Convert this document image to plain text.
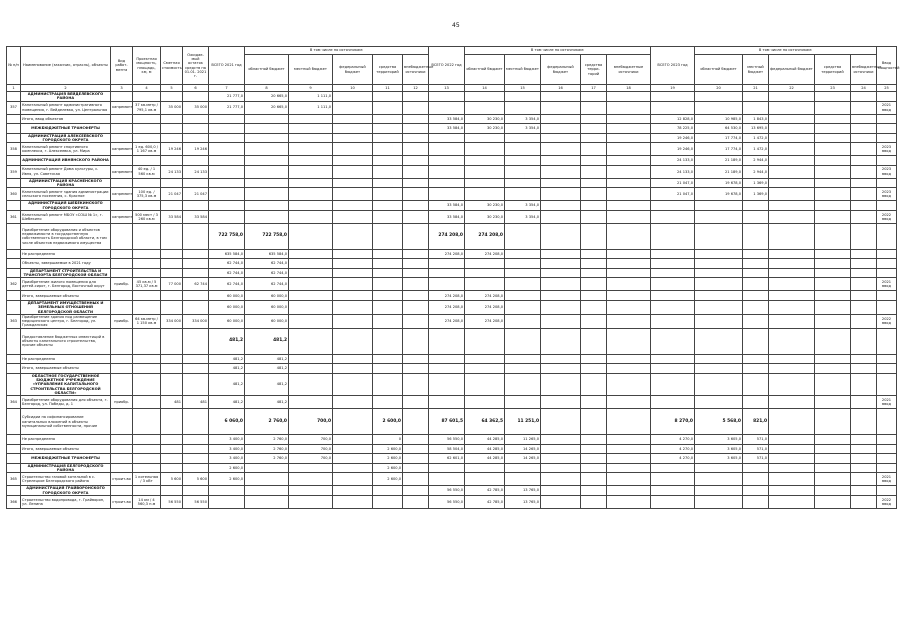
45
№ п/п	Наименование (заказчик, отрасль), объекты	Вид работ-мента	Проектная мощность, площадь, км, м	Сметная стоимость	Ожидае-мый остаток средств на 01.01. 2021 г.	ВСЕГО 2021 год	В том числе по источникам:					ВСЕГО 2022 год	В том числе по источникам:					ВСЕГО 2023 год	В том числе по источникам:					Ввод мощностей
							областной бюджет	местный бюджет	федеральный бюджет	средства территорий	внебюджетные источники		областной бюджет	местный бюджет	федеральный бюджет	средства терри-торий	внебюджетные источники		областной бюджет	местный бюджет	федеральный бюджет	средства территорий	внебюджетные источники	
1	2	3	4	5	6	7	8	9	10	11	12	13	14	15	16	17	18	19	20	21	22	23	24	25
	АДМИНИСТРАЦИЯ ВЕЙДЕЛЕВСКОГО РАЙОНА					21 777,0	20 665,0	1 111,0																
357	Капитальный ремонт административного помещения, г. Вейделевка, ул. Центральная	капремонт	37 кв.метр / 795,1 кв.м	35 000	35 000	21 777,0	20 665,0	1 111,0																2021 ввод
	Итого, ввод объектов											33 584,0	30 230,0	3 354,0				12 828,0	10 985,0	1 843,0				
	МЕЖБЮДЖЕТНЫЕ ТРАНСФЕРТЫ											33 584,0	30 230,0	3 354,0				78 225,0	64 530,0	13 695,0				
	АДМИНИСТРАЦИЯ АЛЕКСЕЕВСКОГО ГОРОДСКОГО ОКРУГА																	19 246,0	17 774,0	1 472,0				
358	Капитальный ремонт спортивного комплекса, г. Алексеевка, ул. Мира	капремонт	1 ед. 600,0 / 1 167 кв.м	19 246	19 246													19 246,0	17 774,0	1 472,0				2023 ввод
	АДМИНИСТРАЦИЯ ИВНЯНСКОГО РАЙОНА																	24 133,0	21 189,0	2 944,0				
359	Капитальный ремонт Дома культуры, с. Ивня, ул. Советская	капремонт	40 ед. / 1 560 кв.м	24 133	24 133													24 133,0	21 189,0	2 944,0				2023 ввод
	АДМИНИСТРАЦИЯ КРАСНЕНСКОГО РАЙОНА																	21 047,0	19 678,0	1 369,0				
360	Капитальный ремонт здания администрации сельского поселения, с. Красное	капремонт	100 ед. / 375,3 кв.м	21 047	21 047													21 047,0	19 678,0	1 369,0				2023 ввод
	АДМИНИСТРАЦИЯ ШЕБЕКИНСКОГО ГОРОДСКОГО ОКРУГА											33 584,0	30 230,0	3 354,0										
361	Капитальный ремонт МБОУ «СОШ № 1», г. Шебекино	капремонт	500 мест / 3 260 кв.м	33 584	33 584							33 584,0	30 230,0	3 354,0										2022 ввод
	Приобретение оборудования и объектов недвижимости в государственную собственность Белгородской области, в том числе объектов недвижимого имущества					722 758,0	722 758,0					274 208,0	274 208,0											
	Не распределено					635 584,0	635 584,0					274 208,0	274 208,0											
	Объекты, завершаемые в 2021 году					62 744,0	62 744,0																	
	ДЕПАРТАМЕНТ СТРОИТЕЛЬСТВА И ТРАНСПОРТА БЕЛГОРОДСКОЙ ОБЛАСТИ					62 744,0	62 744,0																	
362	Приобретение жилого помещения для детей-сирот, г. Белгород, Восточный округ	приобр.	45 кв.м / 5 371,37 кв.м	77 000	62 744	62 744,0	62 744,0																	2021 ввод
	Итого, завершаемые объекты					60 000,0	60 000,0					274 208,0	274 208,0											
	ДЕПАРТАМЕНТ ИМУЩЕСТВЕННЫХ И ЗЕМЕЛЬНЫХ ОТНОШЕНИЙ БЕЛГОРОДСКОЙ ОБЛАСТИ					60 000,0	60 000,0					274 208,0	274 208,0											
363	Приобретение здания под размещение медицинского центра, г. Белгород, ул. Гражданская	приобр.	64 кв.метр / 1 150 кв.м	334 000	334 000	60 000,0	60 000,0					274 208,0	274 208,0											2022 ввод
	Предоставление бюджетных инвестиций в объекты капитального строительства, прочие объекты					481,2	481,2																	
	Не распределено					481,2	481,2																	
	Итого, завершаемые объекты					481,2	481,2																	
	ОБЛАСТНОЕ ГОСУДАРСТВЕННОЕ БЮДЖЕТНОЕ УЧРЕЖДЕНИЕ «УПРАВЛЕНИЕ КАПИТАЛЬНОГО СТРОИТЕЛЬСТВА БЕЛГОРОДСКОЙ ОБЛАСТИ»					481,2	481,2																	
364	Приобретение оборудования для объекта, г. Белгород, ул. Победы, д. 1	приобр.		481	481	481,2	481,2																	2021 ввод
	Субсидии на софинансирование капитальных вложений в объекты муниципальной собственности, прочие					6 060,0	2 760,0	700,0		2 600,0		87 601,5	64 362,5	11 251,0				8 270,0	5 568,0	821,0				
	Не распределено					3 400,0	2 760,0	700,0		0		56 550,0	44 285,0	11 265,0				4 270,0	3 605,0	571,0				
	Итого, завершаемые объекты					3 400,0	2 760,0	700,0		2 600,0		58 504,0	44 285,0	14 265,0				4 270,0	3 605,0	571,0				
	МЕЖБЮДЖЕТНЫЕ ТРАНСФЕРТЫ					3 400,0	2 760,0	700,0		2 600,0		62 601,0	44 285,0	14 265,0				4 270,0	3 605,0	571,0				
	АДМИНИСТРАЦИЯ БЕЛГОРОДСКОГО РАЙОНА					2 600,0				2 600,0														
365	Строительство газовой котельной в с. Стрелецкое Белгородского района	строит-во	1 котельная / 3 кВт	5 600	5 600	2 600,0				2 600,0														2021 ввод
	АДМИНИСТРАЦИЯ ГРАЙВОРОНСКОГО ГОРОДСКОГО ОКРУГА											56 550,0	42 785,0	13 765,0										
366	Строительство водопровода, г. Грайворон, ул. Ленина	строит-во	14 км / 4 560,3 п.м	56 550	56 550							56 550,0	42 785,0	13 765,0										2022 ввод
